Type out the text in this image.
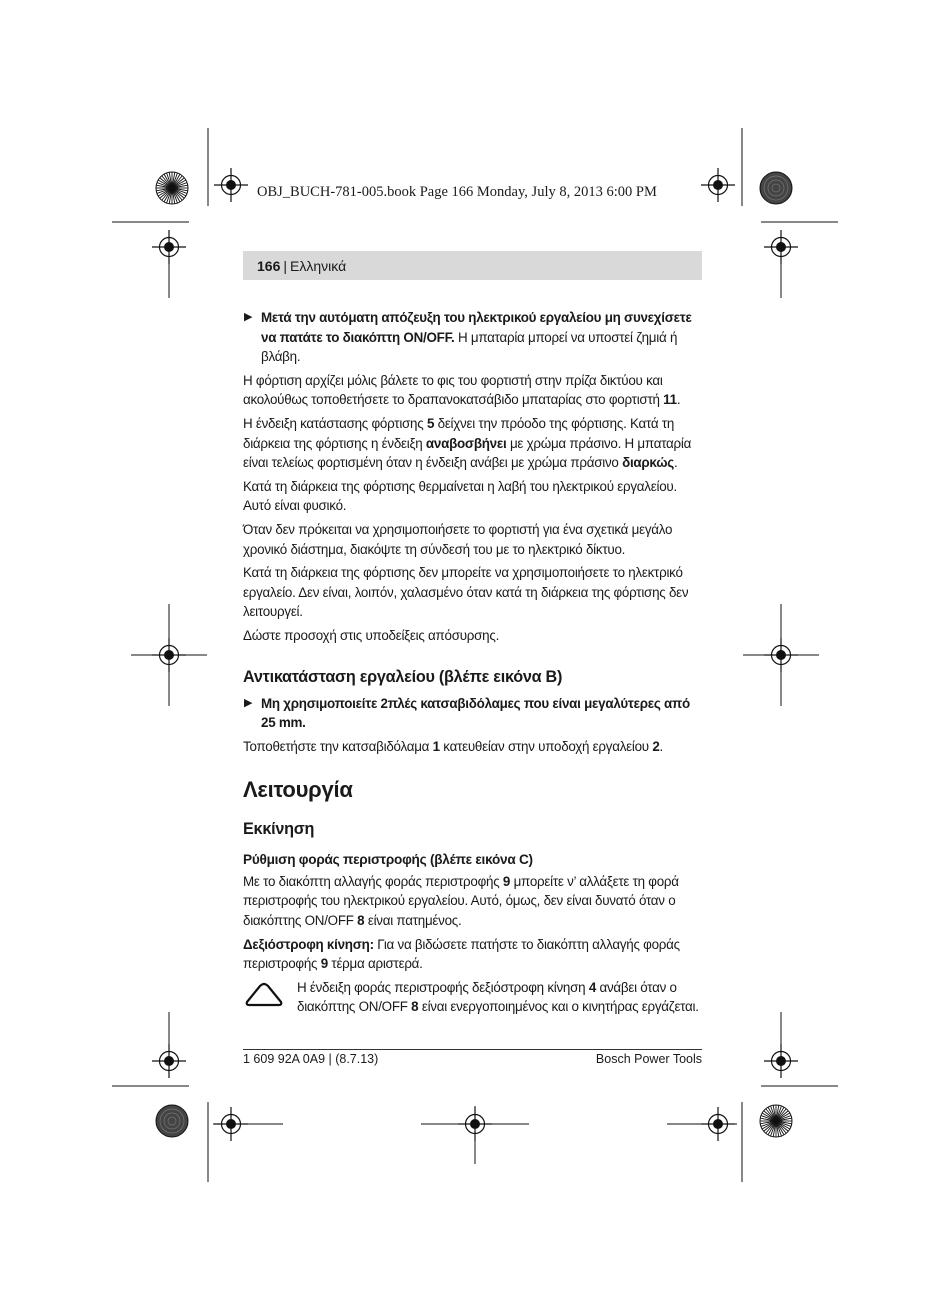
OBJ_BUCH-781-005.book Page 166 Monday, July 8, 2013 6:00 PM
166 | Ελληνικά
▶ Μετά την αυτόματη απόζευξη του ηλεκτρικού εργαλείου μη συνεχίσετε να πατάτε το διακόπτη ON/OFF. Η μπαταρία μπορεί να υποστεί ζημιά ή βλάβη.

Η φόρτιση αρχίζει μόλις βάλετε το φις του φορτιστή στην πρίζα δικτύου και ακολούθως τοποθετήσετε το δραπανοκατσάβιδο μπαταρίας στο φορτιστή 11.

Η ένδειξη κατάστασης φόρτισης 5 δείχνει την πρόοδο της φόρτισης. Κατά τη διάρκεια της φόρτισης η ένδειξη αναβοσβήνει με χρώμα πράσινο. Η μπαταρία είναι τελείως φορτισμένη όταν η ένδειξη ανάβει με χρώμα πράσινο διαρκώς.

Κατά τη διάρκεια της φόρτισης θερμαίνεται η λαβή του ηλεκτρικού εργαλείου. Αυτό είναι φυσικό.

Όταν δεν πρόκειται να χρησιμοποιήσετε το φορτιστή για ένα σχετικά μεγάλο χρονικό διάστημα, διακόψτε τη σύνδεσή του με το ηλεκτρικό δίκτυο.

Κατά τη διάρκεια της φόρτισης δεν μπορείτε να χρησιμοποιήσετε το ηλεκτρικό εργαλείο. Δεν είναι, λοιπόν, χαλασμένο όταν κατά τη διάρκεια της φόρτισης δεν λειτουργεί.

Δώστε προσοχή στις υποδείξεις απόσυρσης.

Αντικατάσταση εργαλείου (βλέπε εικόνα B)
▶ Μη χρησιμοποιείτε 2πλές κατσαβιδόλαμες που είναι μεγαλύτερες από 25 mm.

Τοποθετήστε την κατσαβιδόλαμα 1 κατευθείαν στην υποδοχή εργαλείου 2.

Λειτουργία
Εκκίνηση
Ρύθμιση φοράς περιστροφής (βλέπε εικόνα C)

Με το διακόπτη αλλαγής φοράς περιστροφής 9 μπορείτε ν’ αλλάξετε τη φορά περιστροφής του ηλεκτρικού εργαλείου. Αυτό, όμως, δεν είναι δυνατό όταν ο διακόπτης ON/OFF 8 είναι πατημένος.

Δεξιόστροφη κίνηση: Για να βιδώσετε πατήστε το διακόπτη αλλαγής φοράς περιστροφής 9 τέρμα αριστερά.

Η ένδειξη φοράς περιστροφής δεξιόστροφη κίνηση 4 ανάβει όταν ο διακόπτης ON/OFF 8 είναι ενεργοποιημένος και ο κινητήρας εργάζεται.
1 609 92A 0A9 | (8.7.13)	Bosch Power Tools
